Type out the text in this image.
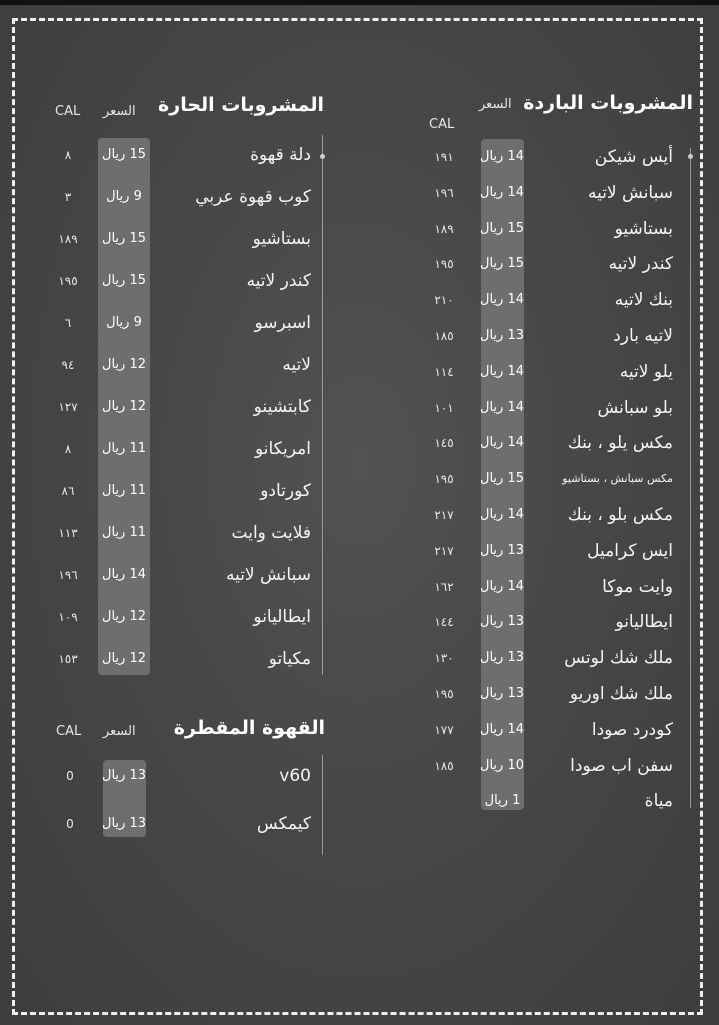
المشروبات الباردة
السعر
CAL
أيس شيكن
14 ريال
١٩١
سبانش لاتيه
14 ريال
١٩٦
بستاشيو
15 ريال
١٨٩
كندر لاتيه
15 ريال
١٩٥
بنك لاتيه
14 ريال
٢١٠
لاتيه بارد
13 ريال
١٨٥
يلو لاتيه
14 ريال
١١٤
بلو سبانش
14 ريال
١٠١
مكس يلو ، بنك
14 ريال
١٤٥
مكس سبانش ، بستاشيو
15 ريال
١٩٥
مكس بلو ، بنك
14 ريال
٢١٧
ايس كراميل
13 ريال
٢١٧
وايت موكا
14 ريال
١٦٢
ايطاليانو
13 ريال
١٤٤
ملك شك لوتس
13 ريال
١٣٠
ملك شك اوريو
13 ريال
١٩٥
كودرد صودا
14 ريال
١٧٧
سفن اب صودا
10 ريال
١٨٥
مياة
1 ريال
المشروبات الحارة
السعر
CAL
دلة قهوة
15 ريال
٨
كوب قهوة عربي
9 ريال
٣
بستاشيو
15 ريال
١٨٩
كندر لاتيه
15 ريال
١٩٥
اسبرسو
9 ريال
٦
لاتيه
12 ريال
٩٤
كابتشينو
12 ريال
١٢٧
امريكانو
11 ريال
٨
كورتادو
11 ريال
٨٦
فلايت وايت
11 ريال
١١٣
سبانش لاتيه
14 ريال
١٩٦
ايطاليانو
12 ريال
١٠٩
مكياتو
12 ريال
١٥٣
القهوة المقطرة
السعر
CAL
v60
13 ريال
0
كيمكس
13 ريال
0
